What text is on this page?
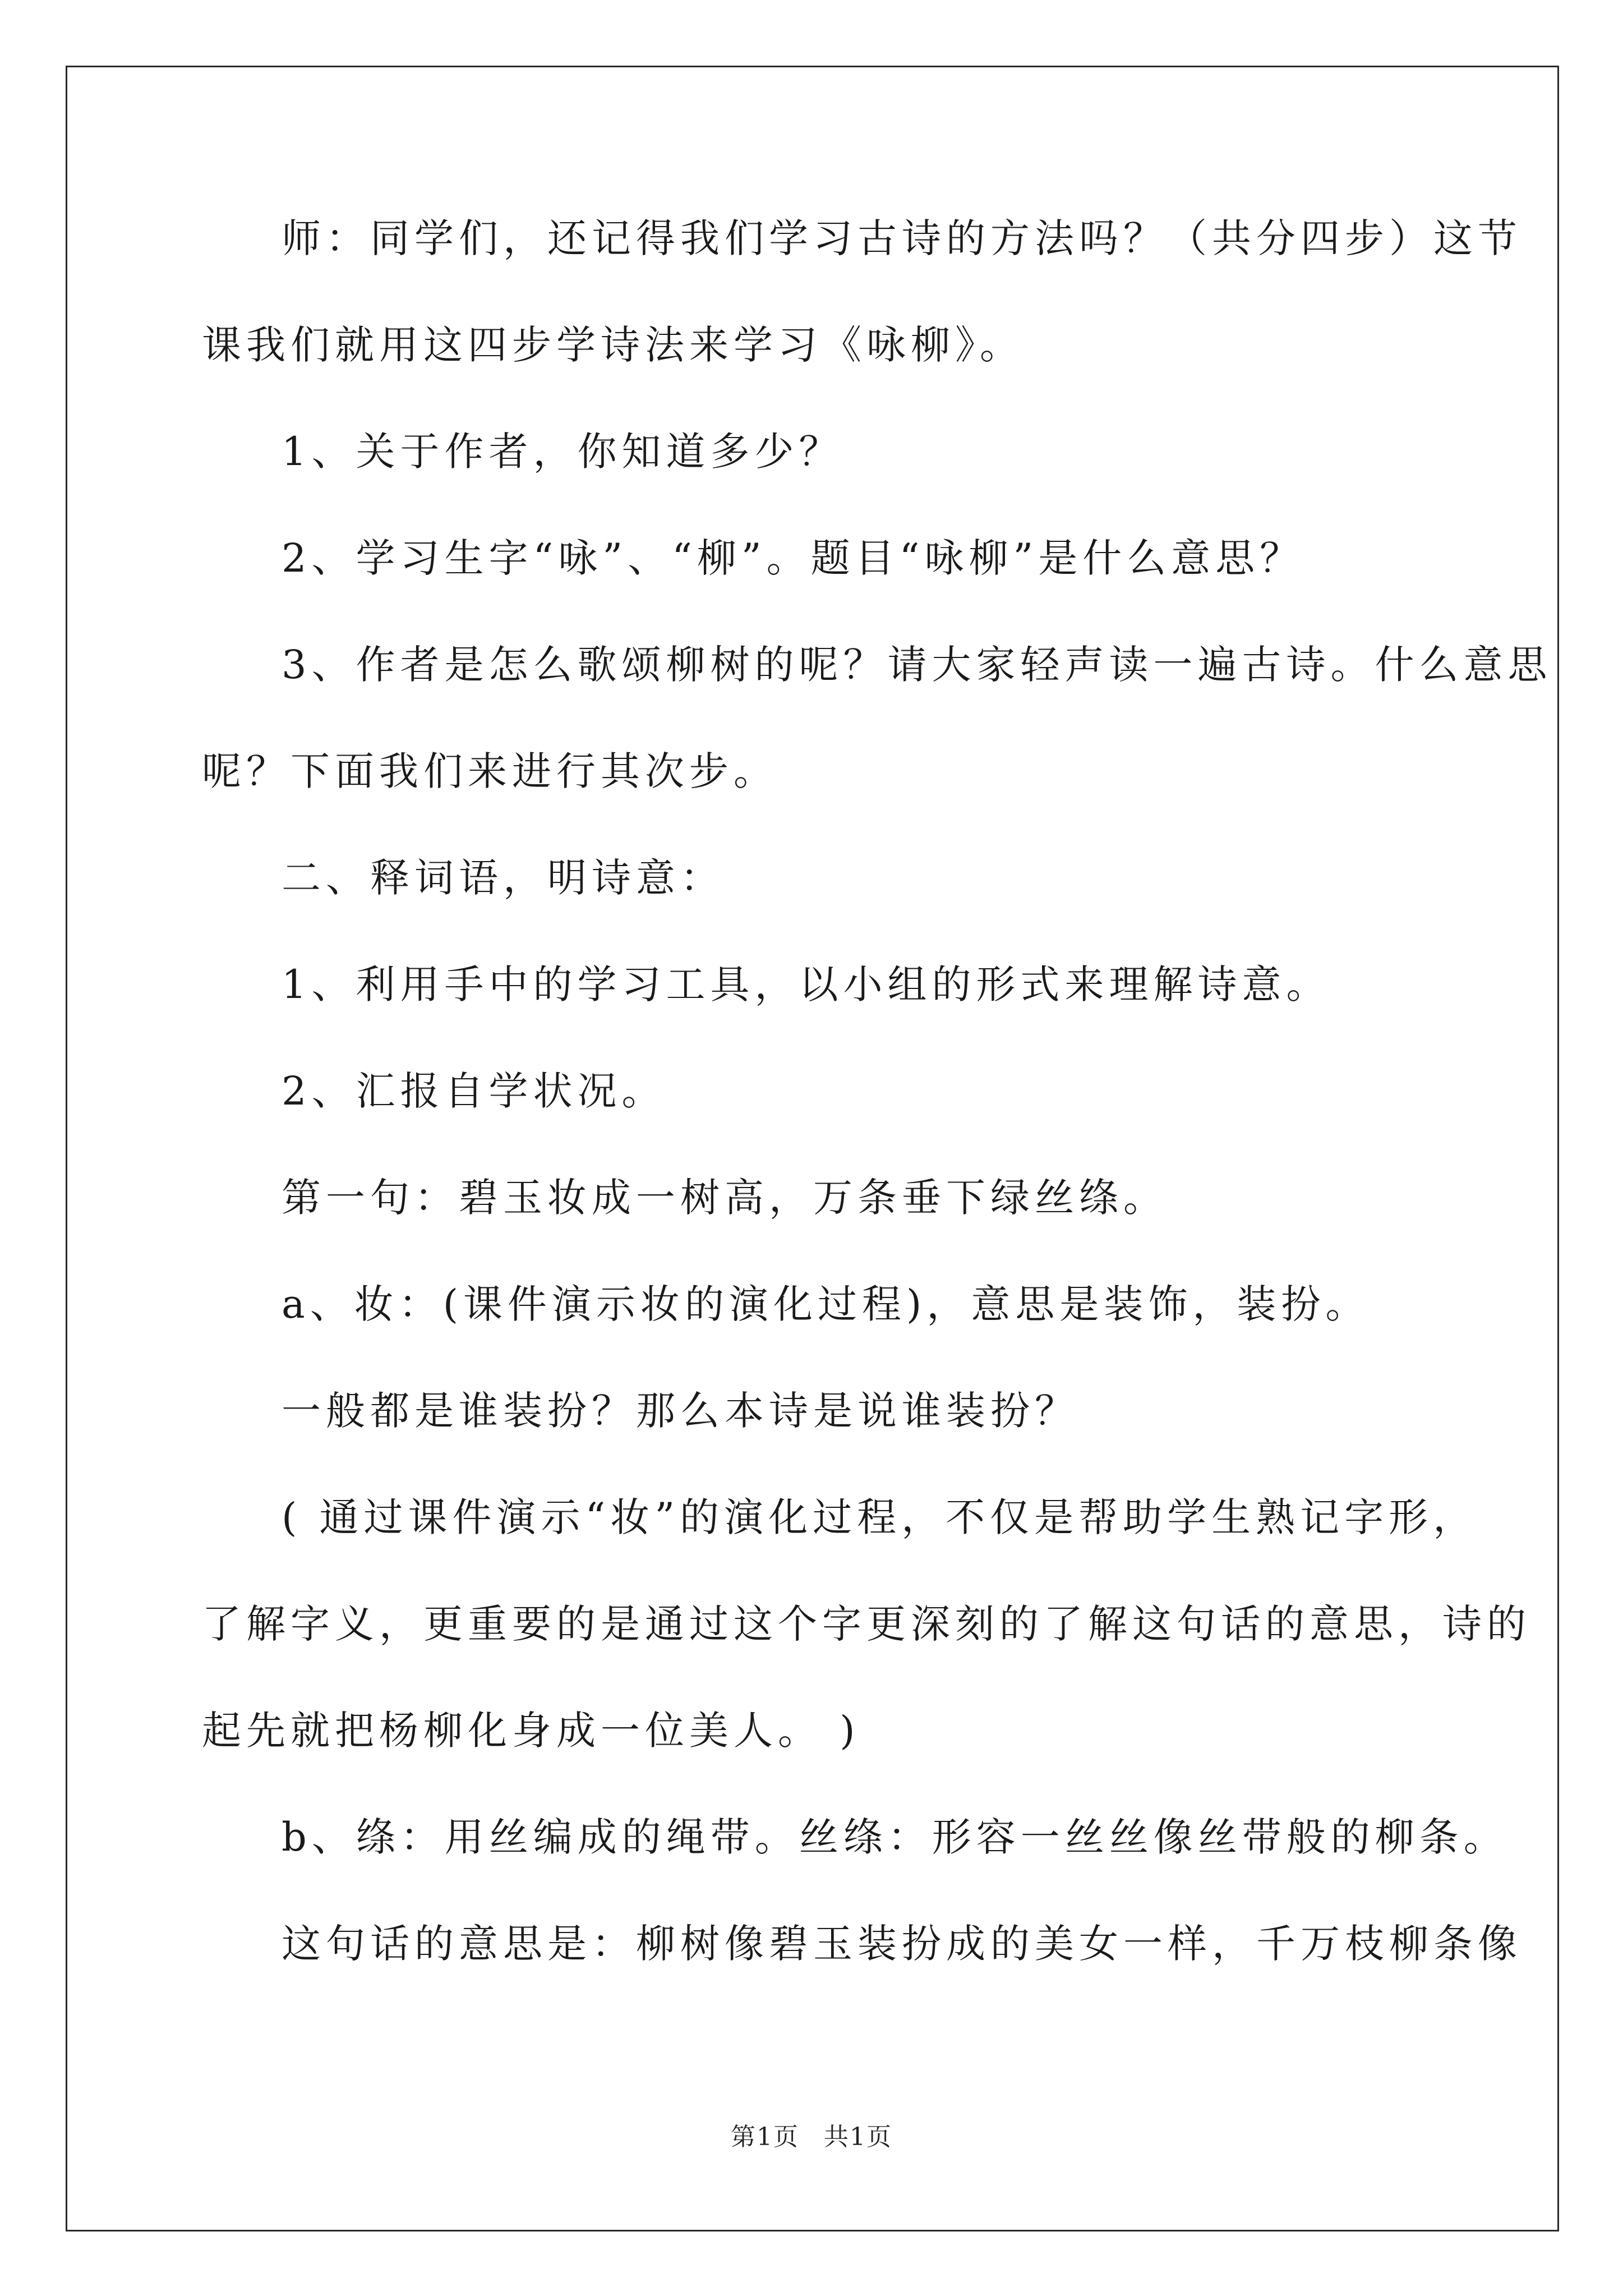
师：同学们，还记得我们学习古诗的方法吗？（共分四步）这节
课我们就用这四步学诗法来学习《咏柳》。
1、关于作者，你知道多少？
2、学习生字“咏”、“柳”。题目“咏柳”是什么意思？
3、作者是怎么歌颂柳树的呢？请大家轻声读一遍古诗。什么意思
呢？下面我们来进行其次步。
二、释词语，明诗意：
1、利用手中的学习工具，以小组的形式来理解诗意。
2、汇报自学状况。
第一句：碧玉妆成一树高，万条垂下绿丝绦。
a、妆：(课件演示妆的演化过程)，意思是装饰，装扮。
一般都是谁装扮？那么本诗是说谁装扮？
( 通过课件演示“妆”的演化过程，不仅是帮助学生熟记字形，
了解字义，更重要的是通过这个字更深刻的了解这句话的意思，诗的
起先就把杨柳化身成一位美人。 )
b、绦：用丝编成的绳带。丝绦：形容一丝丝像丝带般的柳条。
这句话的意思是：柳树像碧玉装扮成的美女一样，千万枝柳条像
第1页 共1页
